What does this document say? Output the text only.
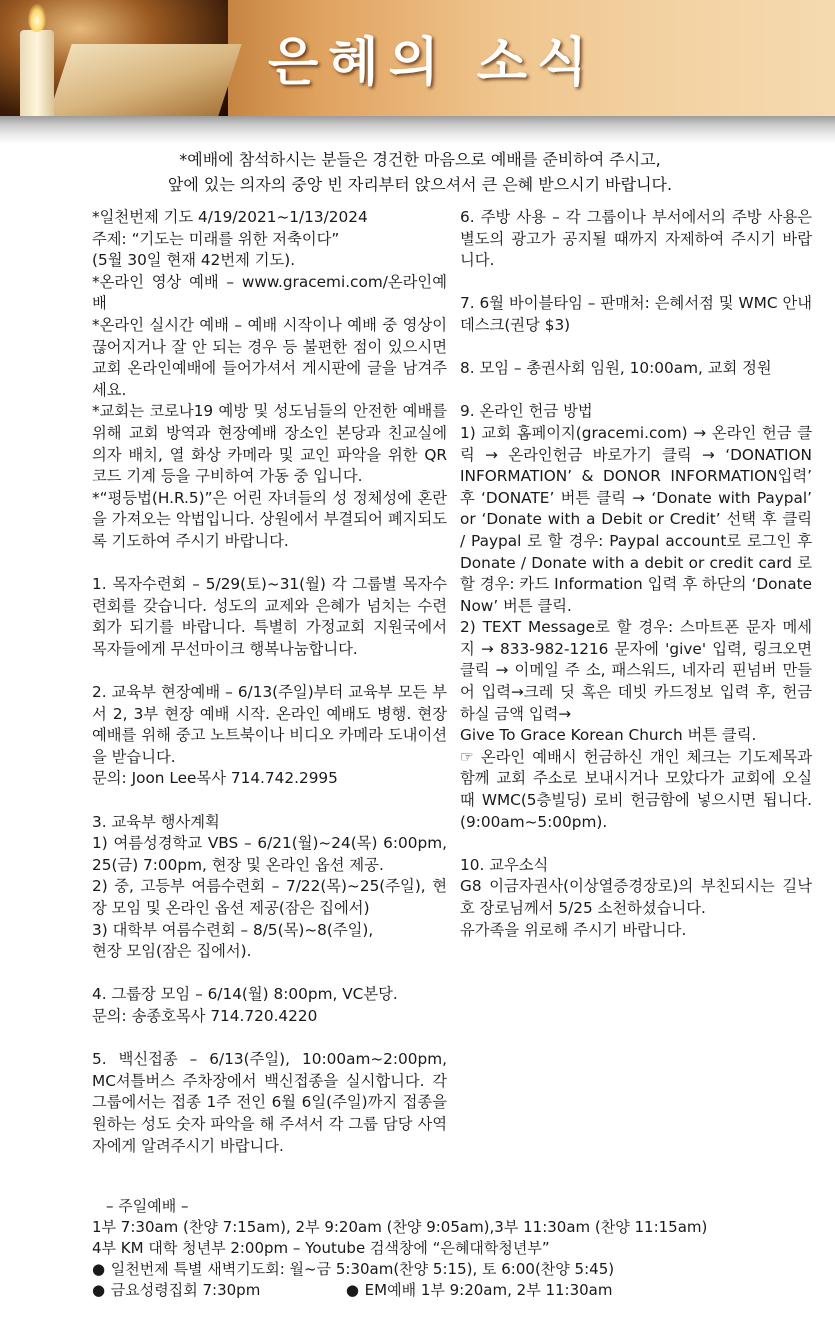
은혜의 소식
*예배에 참석하시는 분들은 경건한 마음으로 예배를 준비하여 주시고,
앞에 있는 의자의 중앙 빈 자리부터 앉으셔서 큰 은혜 받으시기 바랍니다.

*일천번제 기도 4/19/2021~1/13/2024

주제: “기도는 미래를 위한 저축이다”

(5월 30일 현재 42번제 기도).

*온라인 영상 예배 – www.gracemi.com/온라인예배

*온라인 실시간 예배 – 예배 시작이나 예배 중 영상이 끊어지거나 잘 안 되는 경우 등 불편한 점이 있으시면 교회 온라인예배에 들어가셔서 게시판에 글을 남겨주세요.

*교회는 코로나19 예방 및 성도님들의 안전한 예배를 위해 교회 방역과 현장예배 장소인 본당과 친교실에 의자 배치, 열 화상 카메라 및 교인 파악을 위한 QR 코드 기계 등을 구비하여 가동 중 입니다.

*“평등법(H.R.5)”은 어린 자녀들의 성 정체성에 혼란을 가져오는 악법입니다. 상원에서 부결되어 폐지되도록 기도하여 주시기 바랍니다.

1. 목자수련회 – 5/29(토)~31(월) 각 그룹별 목자수련회를 갖습니다. 성도의 교제와 은혜가 넘치는 수련회가 되기를 바랍니다. 특별히 가정교회 지원국에서 목자들에게 무선마이크 행복나눔합니다.

2. 교육부 현장예배 – 6/13(주일)부터 교육부 모든 부서 2, 3부 현장 예배 시작. 온라인 예배도 병행. 현장 예배를 위해 중고 노트북이나 비디오 카메라 도내이션을 받습니다.

문의: Joon Lee목사 714.742.2995

3. 교육부 행사계획

1) 여름성경학교 VBS – 6/21(월)~24(목) 6:00pm, 25(금) 7:00pm, 현장 및 온라인 옵션 제공.

2) 중, 고등부 여름수련회 – 7/22(목)~25(주일), 현장 모임 및 온라인 옵션 제공(잠은 집에서)

3) 대학부 여름수련회 – 8/5(목)~8(주일),

현장 모임(잠은 집에서).

4. 그룹장 모임 – 6/14(월) 8:00pm, VC본당.

문의: 송종호목사 714.720.4220

5. 백신접종 – 6/13(주일), 10:00am~2:00pm, MC셔틀버스 주차장에서 백신접종을 실시합니다. 각 그룹에서는 접종 1주 전인 6월 6일(주일)까지 접종을 원하는 성도 숫자 파악을 해 주셔서 각 그룹 담당 사역자에게 알려주시기 바랍니다.

6. 주방 사용 – 각 그룹이나 부서에서의 주방 사용은 별도의 광고가 공지될 때까지 자제하여 주시기 바랍니다.

7. 6월 바이블타임 – 판매처: 은혜서점 및 WMC 안내데스크(권당 $3)

8. 모임 – 총권사회 임원, 10:00am, 교회 정원

9. 온라인 헌금 방법

1) 교회 홈페이지(gracemi.com) → 온라인 헌금 클릭 → 온라인헌금 바로가기 클릭 → ‘DONATION INFORMATION’ & DONOR INFORMATION입력’ 후 ‘DONATE’ 버튼 클릭 → ‘Donate with Paypal’ or ‘Donate with a Debit or Credit’ 선택 후 클릭 / Paypal 로 할 경우: Paypal account로 로그인 후 Donate / Donate with a debit or credit card 로 할 경우: 카드 Information 입력 후 하단의 ‘Donate Now’ 버튼 클릭.

2) TEXT Message로 할 경우: 스마트폰 문자 메세지 → 833-982-1216 문자에 'give' 입력, 링크오면 클릭 → 이메일 주 소, 패스워드, 네자리 핀넘버 만들어 입력→크레 딧 혹은 데빗 카드정보 입력 후, 헌금하실 금액 입력→

Give To Grace Korean Church 버튼 클릭.

☞ 온라인 예배시 헌금하신 개인 체크는 기도제목과 함께 교회 주소로 보내시거나 모았다가 교회에 오실 때 WMC(5층빌딩) 로비 헌금함에 넣으시면 됩니다. (9:00am~5:00pm).

10. 교우소식

G8 이금자권사(이상열증경장로)의 부친되시는 길낙호 장로님께서 5/25 소천하셨습니다.

유가족을 위로해 주시기 바랍니다.

– 주일예배 –

1부 7:30am (찬양 7:15am), 2부 9:20am (찬양 9:05am),3부 11:30am (찬양 11:15am)

4부 KM 대학 청년부 2:00pm – Youtube 검색창에 “은혜대학청년부”

● 일천번제 특별 새벽기도회: 월~금 5:30am(찬양 5:15), 토 6:00(찬양 5:45)

● 금요성령집회 7:30pm	● EM예배 1부 9:20am, 2부 11:30am
